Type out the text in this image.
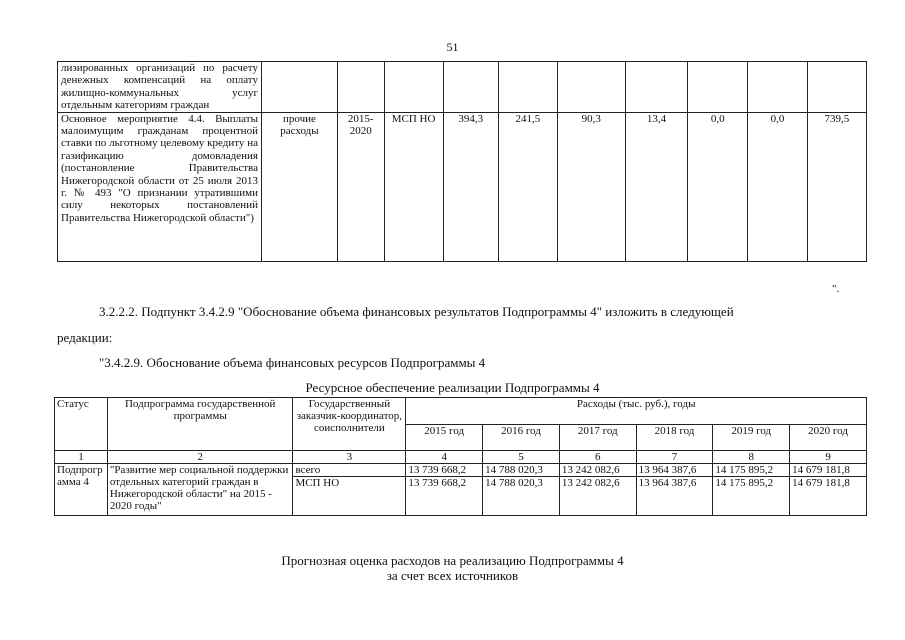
51
лизированных организаций по расчету денежных компенсаций на оплату жилищно-коммунальных услуг отдельным категориям граждан										
Основное мероприятие 4.4. Выплаты малоимущим гражданам процентной ставки по льготному целевому кредиту на газификацию домовладения (постановление Правительства Нижегородской области от 25 июля 2013 г. № 493 "О признании утратившими силу некоторых постановлений Правительства Нижегородской области")	прочие расходы	2015-2020	МСП НО	394,3	241,5	90,3	13,4	0,0	0,0	739,5
".
3.2.2.2. Подпункт 3.4.2.9 "Обоснование объема финансовых результатов Подпрограммы 4" изложить в следующей
редакции:
"3.4.2.9. Обоснование объема финансовых ресурсов Подпрограммы 4
Ресурсное обеспечение реализации Подпрограммы 4
Статус	Подпрограмма государственной программы	Государственный заказчик-координатор, соисполнители	Расходы (тыс. руб.), годы					
			2015 год	2016 год	2017 год	2018 год	2019 год	2020 год
1	2	3	4	5	6	7	8	9
Подпрограмма 4	"Развитие мер социальной поддержки отдельных категорий граждан в Нижегородской области" на 2015 - 2020 годы"	всего	13 739 668,2	14 788 020,3	13 242 082,6	13 964 387,6	14 175 895,2	14 679 181,8
		МСП НО	13 739 668,2	14 788 020,3	13 242 082,6	13 964 387,6	14 175 895,2	14 679 181,8
Прогнозная оценка расходов на реализацию Подпрограммы 4
за счет всех источников
